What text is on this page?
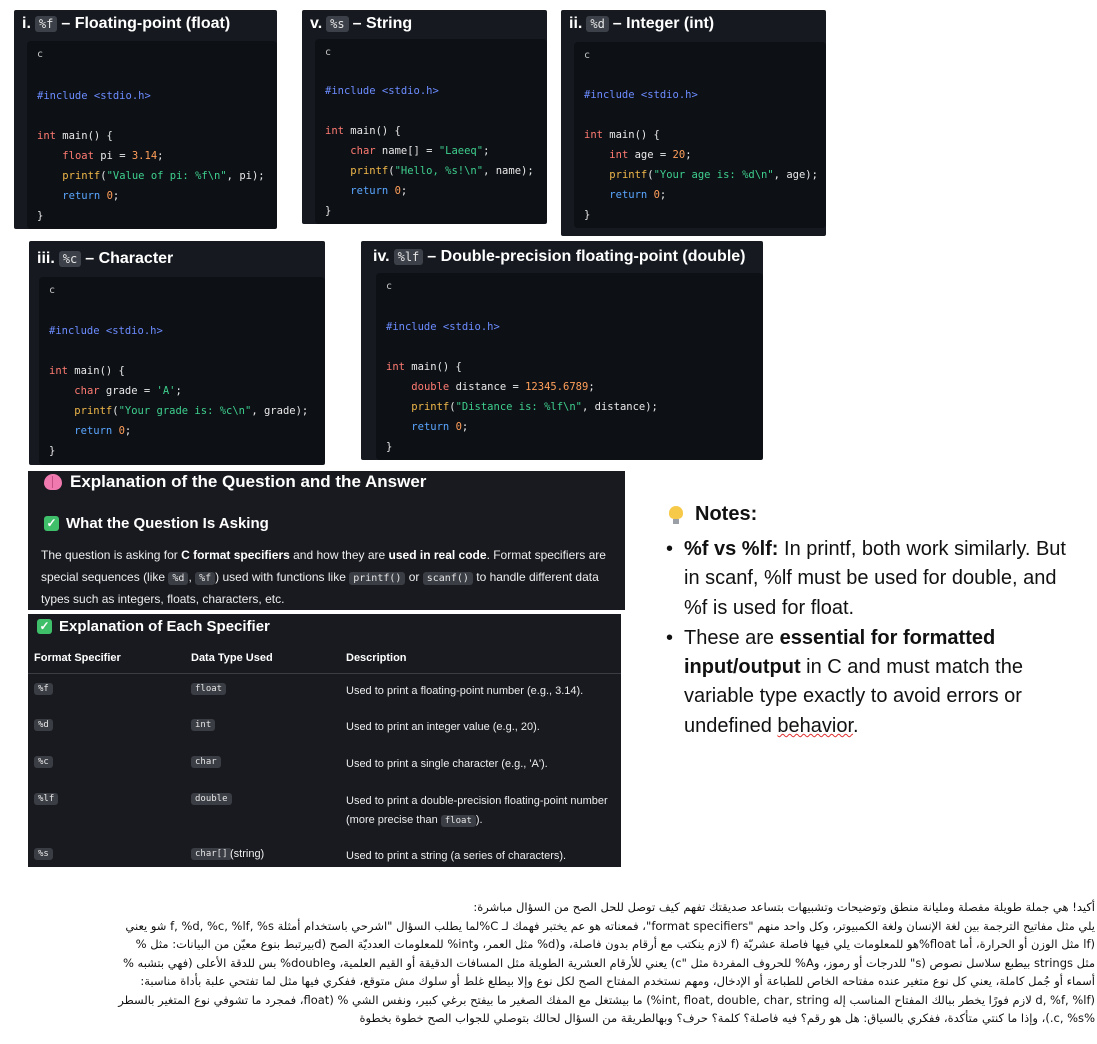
i. %f – Floating-point (float)
c
#include <stdio.h>
int main() {
float pi = 3.14;
printf("Value of pi: %f\n", pi);
return 0;
}
v. %s – String
c
#include <stdio.h>
int main() {
char name[] = "Laeeq";
printf("Hello, %s!\n", name);
return 0;
}
ii. %d – Integer (int)
c
#include <stdio.h>
int main() {
int age = 20;
printf("Your age is: %d\n", age);
return 0;
}
iii. %c – Character
c
#include <stdio.h>
int main() {
char grade = 'A';
printf("Your grade is: %c\n", grade);
return 0;
}
iv. %lf – Double-precision floating-point (double)
c
#include <stdio.h>
int main() {
double distance = 12345.6789;
printf("Distance is: %lf\n", distance);
return 0;
}
Explanation of the Question and the Answer
✓ What the Question Is Asking

The question is asking for C format specifiers and how they are used in real code. Format specifiers are special sequences (like %d , %f ) used with functions like printf() or scanf() to handle different data types such as integers, floats, characters, etc.

✓ Explanation of Each Specifier
Format Specifier	Data Type Used	Description
%f	float	Used to print a floating-point number (e.g., 3.14).
%d	int	Used to print an integer value (e.g., 20).
%c	char	Used to print a single character (e.g., 'A').
%lf	double	Used to print a double-precision floating-point number (more precise than float ).
%s	char[] (string)	Used to print a string (a series of characters).
Notes:
• %f vs %lf: In printf, both work similarly. But in scanf, %lf must be used for double, and %f is used for float.
• These are essential for formatted input/output in C and must match the variable type exactly to avoid errors or undefined behavior.
أكيد! هي جملة طويلة مفصلة ومليانة منطق وتوضيحات وتشبيهات بتساعد صديقتك تفهم كيف توصل للحل الصح من السؤال مباشرة:
يلي مثل مفاتيح الترجمة بين لغة الإنسان ولغة الكمبيوتر، وكل واحد منهم "format specifiers"، فمعناته هو عم يختبر فهمك لـ C%لما يطلب السؤال "اشرحي باستخدام أمثلة f, %d, %c, %lf, %s شو يعني
(lf مثل الوزن أو الحرارة، أما float%هو للمعلومات يلي فيها فاصلة عشريّة (f لازم ينكتب مع أرقام بدون فاصلة، و(d% مثل العمر، وint% للمعلومات العدديّة الصح (dبيرتبط بنوع معيّن من البيانات: مثل %
مثل strings بيطبع سلاسل نصوص (s" للدرجات أو رموز، وA% للحروف المفردة مثل "c) يعني للأرقام العشرية الطويلة مثل المسافات الدقيقة أو القيم العلمية، وdouble% بس للدقة الأعلى (فهي بتشبه %
أسماء أو جُمل كاملة، يعني كل نوع متغير عنده مفتاحه الخاص للطباعة أو الإدخال، ومهم نستخدم المفتاح الصح لكل نوع وإلا بيطلع غلط أو سلوك مش متوقع، ففكري فيها مثل لما تفتحي علبة بأداة مناسبة:
(d, %f, %lf لازم فورًا يخطر ببالك المفتاح المناسب إله int, float, double, char, string%) ما بيشتغل مع المفك الصغير ما بيفتح برغي كبير، ونفس الشي % (float، فمجرد ما تشوفي نوع المتغير بالسطر
%c, %s.)، وإذا ما كنتي متأكدة، ففكري بالسياق: هل هو رقم؟ فيه فاصلة؟ كلمة؟ حرف؟ وبهالطريقة من السؤال لحالك بتوصلي للجواب الصح خطوة بخطوة
